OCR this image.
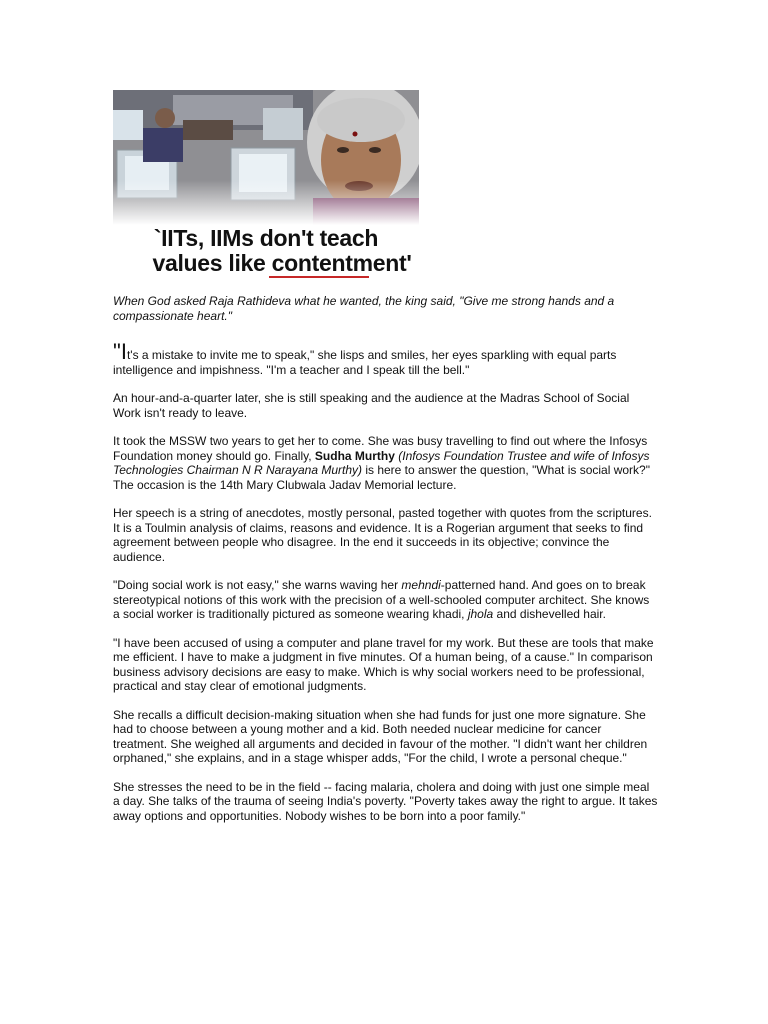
`IITs, IIMs don't teach
values like contentment'

When God asked Raja Rathideva what he wanted, the king said, "Give me strong hands and a compassionate heart."

"It's a mistake to invite me to speak," she lisps and smiles, her eyes sparkling with equal parts intelligence and impishness. "I'm a teacher and I speak till the bell."

An hour-and-a-quarter later, she is still speaking and the audience at the Madras School of Social Work isn't ready to leave.

It took the MSSW two years to get her to come. She was busy travelling to find out where the Infosys Foundation money should go. Finally, Sudha Murthy (Infosys Foundation Trustee and wife of Infosys Technologies Chairman N R Narayana Murthy) is here to answer the question, "What is social work?" The occasion is the 14th Mary Clubwala Jadav Memorial lecture.

Her speech is a string of anecdotes, mostly personal, pasted together with quotes from the scriptures. It is a Toulmin analysis of claims, reasons and evidence. It is a Rogerian argument that seeks to find agreement between people who disagree. In the end it succeeds in its objective; convince the audience.

"Doing social work is not easy," she warns waving her mehndi-patterned hand. And goes on to break stereotypical notions of this work with the precision of a well-schooled computer architect. She knows a social worker is traditionally pictured as someone wearing khadi, jhola and dishevelled hair.

"I have been accused of using a computer and plane travel for my work. But these are tools that make me efficient. I have to make a judgment in five minutes. Of a human being, of a cause." In comparison business advisory decisions are easy to make. Which is why social workers need to be professional, practical and stay clear of emotional judgments.

She recalls a difficult decision-making situation when she had funds for just one more signature. She had to choose between a young mother and a kid. Both needed nuclear medicine for cancer treatment. She weighed all arguments and decided in favour of the mother. "I didn't want her children orphaned," she explains, and in a stage whisper adds, "For the child, I wrote a personal cheque."

She stresses the need to be in the field -- facing malaria, cholera and doing with just one simple meal a day. She talks of the trauma of seeing India's poverty. "Poverty takes away the right to argue. It takes away options and opportunities. Nobody wishes to be born into a poor family."
